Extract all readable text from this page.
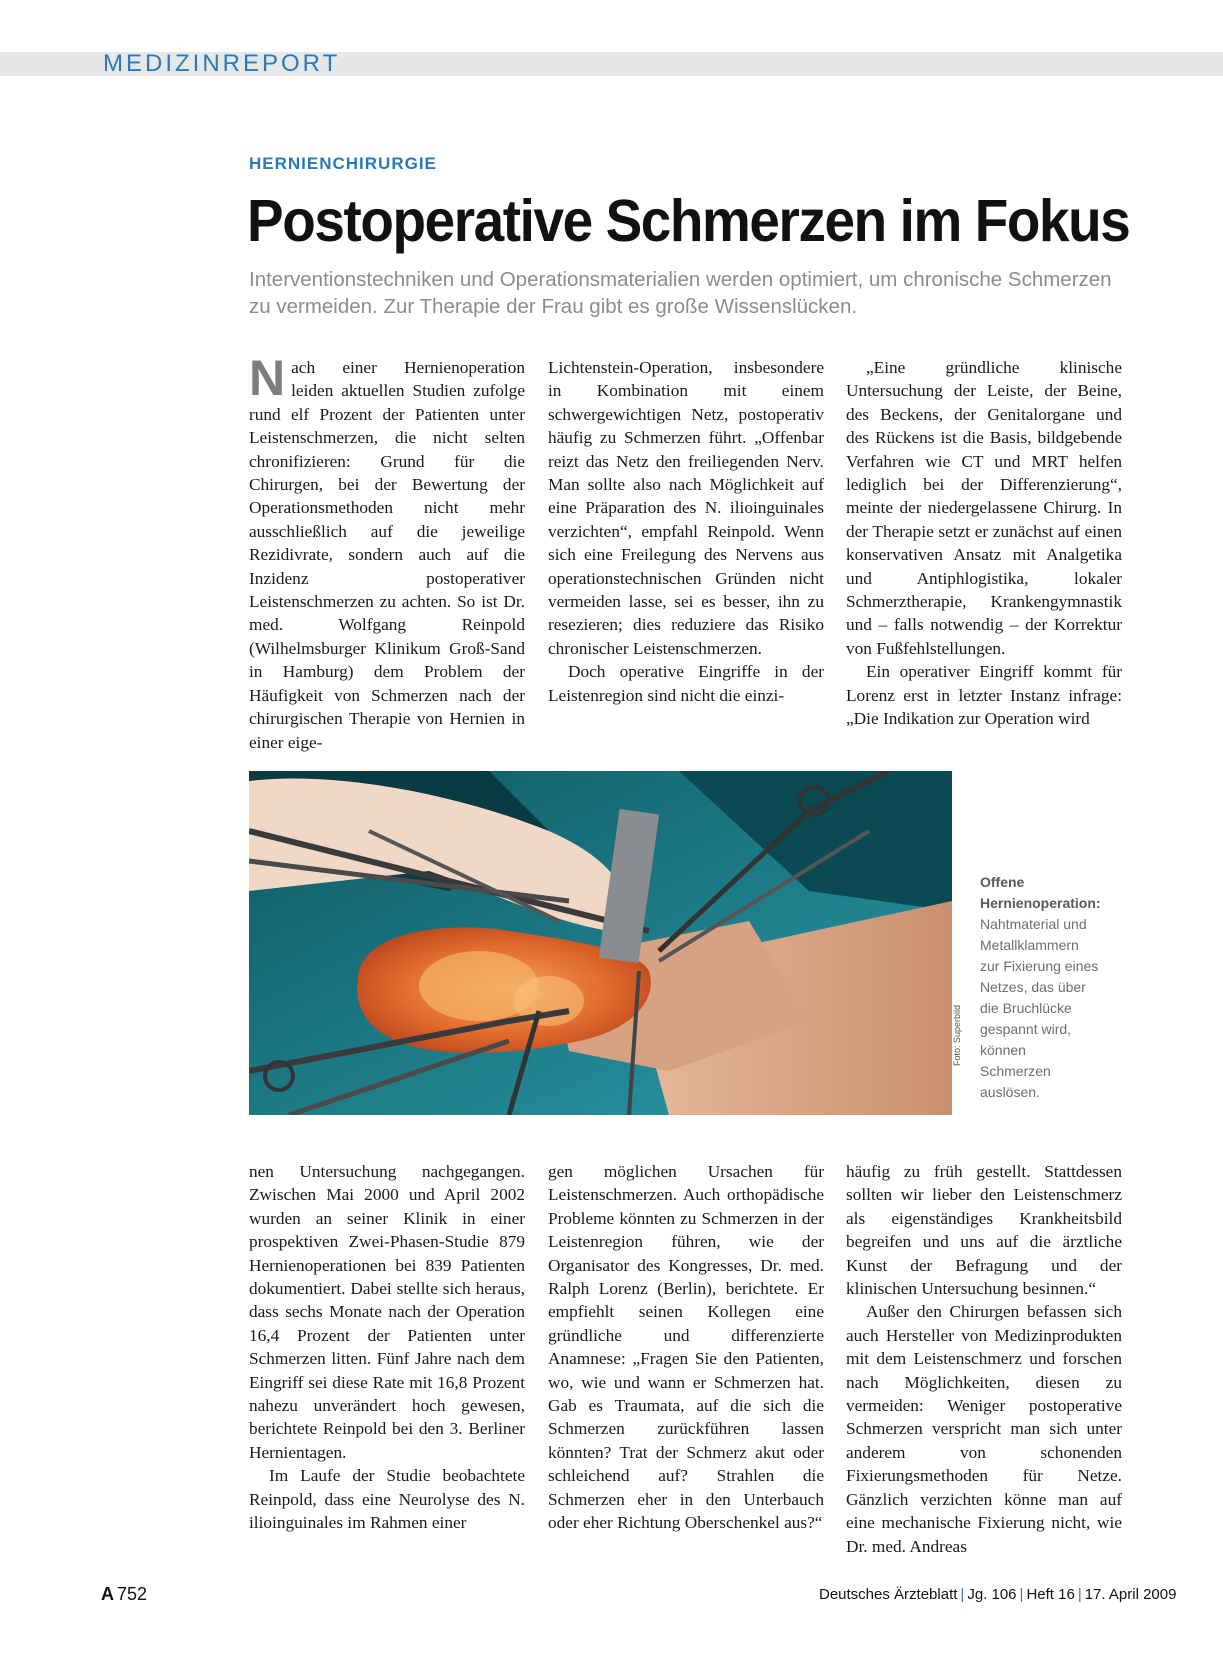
MEDIZINREPORT
HERNIENCHIRURGIE
Postoperative Schmerzen im Fokus
Interventionstechniken und Operationsmaterialien werden optimiert, um chronische Schmerzen zu vermeiden. Zur Therapie der Frau gibt es große Wissenslücken.

Nach einer Hernienoperation leiden aktuellen Studien zufolge rund elf Prozent der Patienten unter Leistenschmerzen, die nicht selten chronifizieren: Grund für die Chirurgen, bei der Bewertung der Operationsmethoden nicht mehr ausschließlich auf die jeweilige Rezidivrate, sondern auch auf die Inzidenz postoperativer Leistenschmerzen zu achten. So ist Dr. med. Wolfgang Reinpold (Wilhelmsburger Klinikum Groß-Sand in Hamburg) dem Problem der Häufigkeit von Schmerzen nach der chirurgischen Therapie von Hernien in einer eige-

Lichtenstein-Operation, insbesondere in Kombination mit einem schwergewichtigen Netz, postoperativ häufig zu Schmerzen führt. „Offenbar reizt das Netz den freiliegenden Nerv. Man sollte also nach Möglichkeit auf eine Präparation des N. ilioinguinales verzichten“, empfahl Reinpold. Wenn sich eine Freilegung des Nervens aus operationstechnischen Gründen nicht vermeiden lasse, sei es besser, ihn zu resezieren; dies reduziere das Risiko chronischer Leistenschmerzen.

Doch operative Eingriffe in der Leistenregion sind nicht die einzi-

„Eine gründliche klinische Untersuchung der Leiste, der Beine, des Beckens, der Genitalorgane und des Rückens ist die Basis, bildgebende Verfahren wie CT und MRT helfen lediglich bei der Differenzierung“, meinte der niedergelassene Chirurg. In der Therapie setzt er zunächst auf einen konservativen Ansatz mit Analgetika und Antiphlogistika, lokaler Schmerztherapie, Krankengymnastik und – falls notwendig – der Korrektur von Fußfehlstellungen.

Ein operativer Eingriff kommt für Lorenz erst in letzter Instanz infrage: „Die Indikation zur Operation wird

Foto: Superbild
Offene Hernienoperation: Nahtmaterial und Metallklammern zur Fixierung eines Netzes, das über die Bruchlücke gespannt wird, können Schmerzen auslösen.

nen Untersuchung nachgegangen. Zwischen Mai 2000 und April 2002 wurden an seiner Klinik in einer prospektiven Zwei-Phasen-Studie 879 Hernienoperationen bei 839 Patienten dokumentiert. Dabei stellte sich heraus, dass sechs Monate nach der Operation 16,4 Prozent der Patienten unter Schmerzen litten. Fünf Jahre nach dem Eingriff sei diese Rate mit 16,8 Prozent nahezu unverändert hoch gewesen, berichtete Reinpold bei den 3. Berliner Hernientagen.

Im Laufe der Studie beobachtete Reinpold, dass eine Neurolyse des N. ilioinguinales im Rahmen einer

gen möglichen Ursachen für Leistenschmerzen. Auch orthopädische Probleme könnten zu Schmerzen in der Leistenregion führen, wie der Organisator des Kongresses, Dr. med. Ralph Lorenz (Berlin), berichtete. Er empfiehlt seinen Kollegen eine gründliche und differenzierte Anamnese: „Fragen Sie den Patienten, wo, wie und wann er Schmerzen hat. Gab es Traumata, auf die sich die Schmerzen zurückführen lassen könnten? Trat der Schmerz akut oder schleichend auf? Strahlen die Schmerzen eher in den Unterbauch oder eher Richtung Oberschenkel aus?“

häufig zu früh gestellt. Stattdessen sollten wir lieber den Leistenschmerz als eigenständiges Krankheitsbild begreifen und uns auf die ärztliche Kunst der Befragung und der klinischen Untersuchung besinnen.“

Außer den Chirurgen befassen sich auch Hersteller von Medizinprodukten mit dem Leistenschmerz und forschen nach Möglichkeiten, diesen zu vermeiden: Weniger postoperative Schmerzen verspricht man sich unter anderem von schonenden Fixierungsmethoden für Netze. Gänzlich verzichten könne man auf eine mechanische Fixierung nicht, wie Dr. med. Andreas

A 752	Deutsches Ärzteblatt | Jg. 106 | Heft 16 | 17. April 2009
